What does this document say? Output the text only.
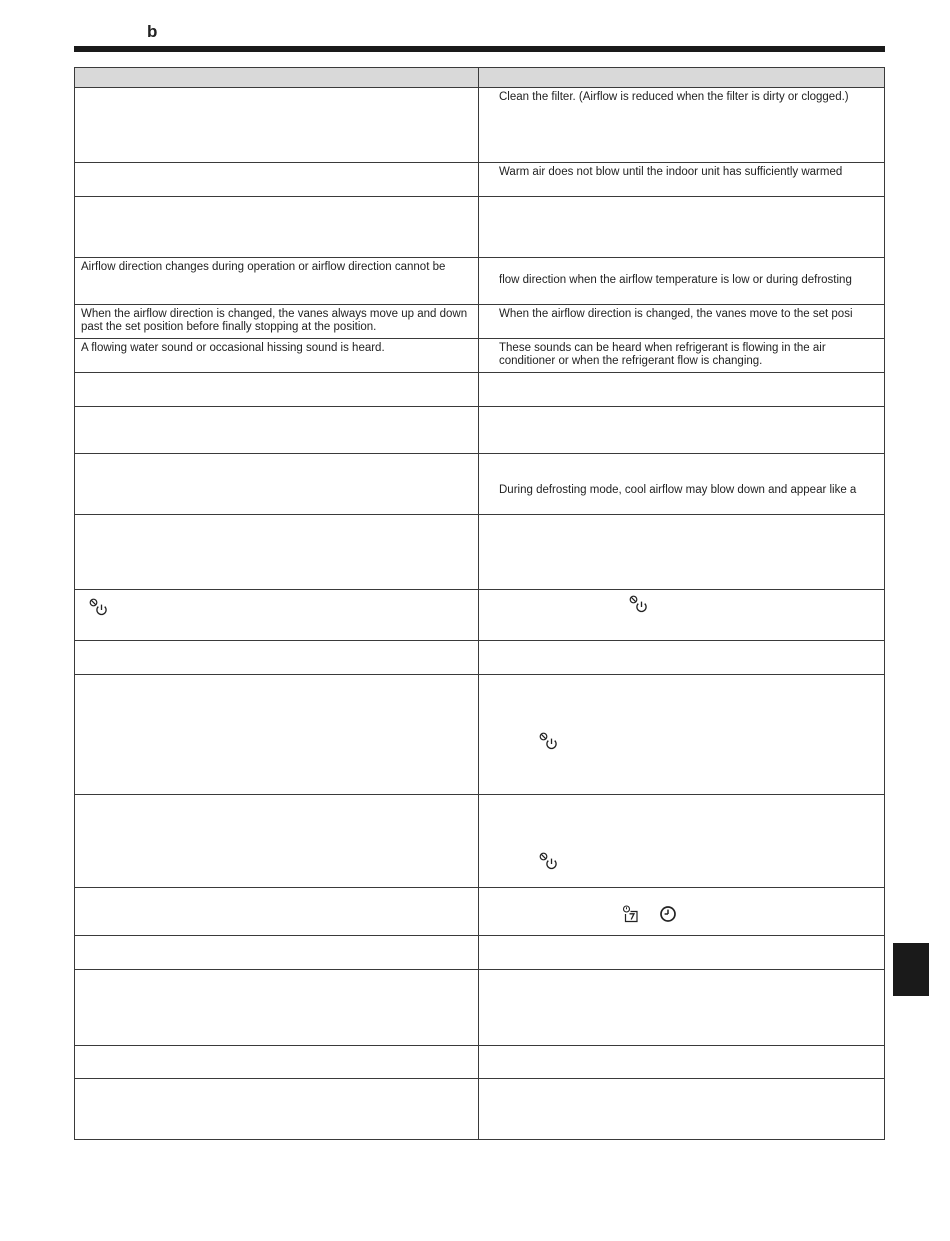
b

	Clean the filter. (Airflow is reduced when the filter is dirty or clogged.)

	Warm air does not blow until the indoor unit has sufficiently warmed

Airflow direction changes during operation or airflow direction cannot be	flow direction when the airflow temperature is low or during defrosting

When the airflow direction is changed, the vanes always move up and down past the set position before finally stopping at the position.	When the airflow direction is changed, the vanes move to the set posi

A flowing water sound or occasional hissing sound is heard.	These sounds can be heard when refrigerant is flowing in the air conditioner or when the refrigerant flow is changing.

	During defrosting mode, cool airflow may blow down and appear like a
